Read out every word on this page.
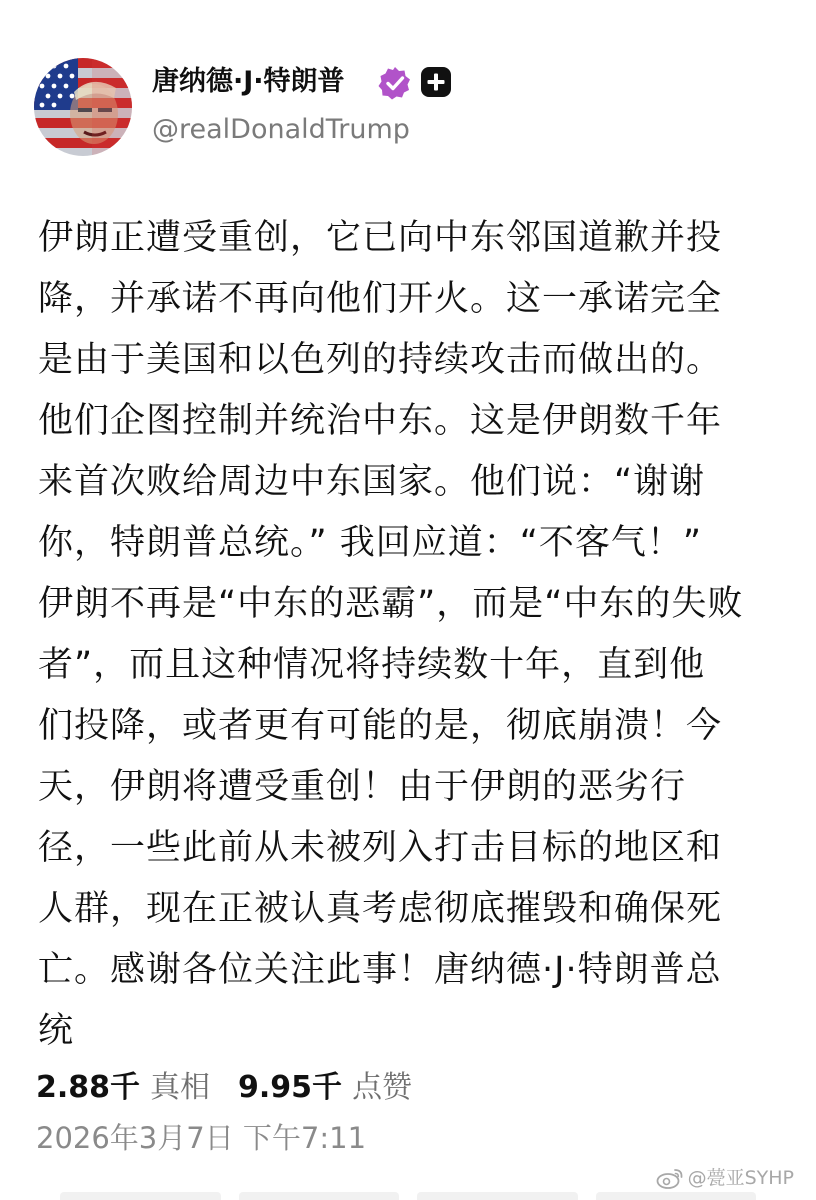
唐纳德·J·特朗普
@realDonaldTrump
伊朗正遭受重创，它已向中东邻国道歉并投
降，并承诺不再向他们开火。这一承诺完全
是由于美国和以色列的持续攻击而做出的。
他们企图控制并统治中东。这是伊朗数千年
来首次败给周边中东国家。他们说：“谢谢
你，特朗普总统。” 我回应道：“不客气！”
伊朗不再是“中东的恶霸”，而是“中东的失败
者”，而且这种情况将持续数十年，直到他
们投降，或者更有可能的是，彻底崩溃！今
天，伊朗将遭受重创！由于伊朗的恶劣行
径，一些此前从未被列入打击目标的地区和
人群，现在正被认真考虑彻底摧毁和确保死
亡。感谢各位关注此事！唐纳德·J·特朗普总
统
2.88千 真相 9.95千 点赞
2026年3月7日 下午7:11
@甍亚SYHP
